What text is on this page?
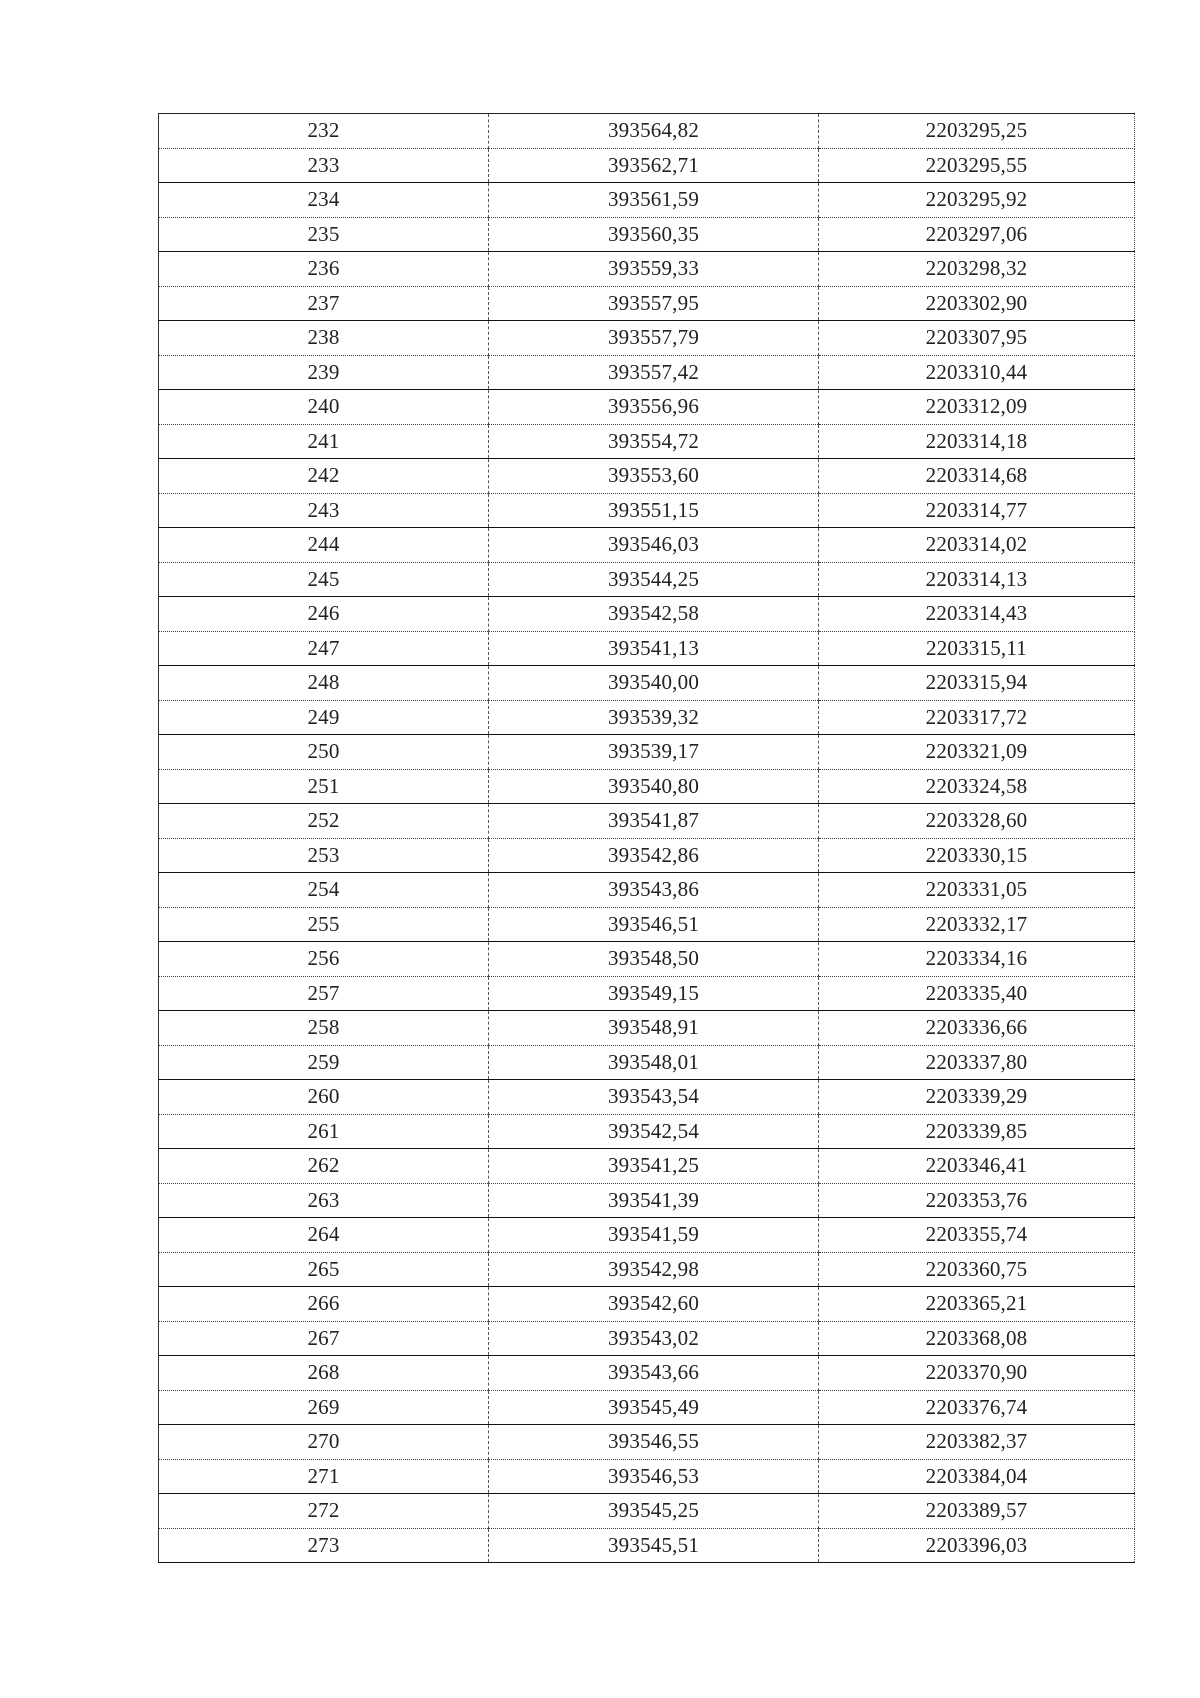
232	393564,82	2203295,25
233	393562,71	2203295,55
234	393561,59	2203295,92
235	393560,35	2203297,06
236	393559,33	2203298,32
237	393557,95	2203302,90
238	393557,79	2203307,95
239	393557,42	2203310,44
240	393556,96	2203312,09
241	393554,72	2203314,18
242	393553,60	2203314,68
243	393551,15	2203314,77
244	393546,03	2203314,02
245	393544,25	2203314,13
246	393542,58	2203314,43
247	393541,13	2203315,11
248	393540,00	2203315,94
249	393539,32	2203317,72
250	393539,17	2203321,09
251	393540,80	2203324,58
252	393541,87	2203328,60
253	393542,86	2203330,15
254	393543,86	2203331,05
255	393546,51	2203332,17
256	393548,50	2203334,16
257	393549,15	2203335,40
258	393548,91	2203336,66
259	393548,01	2203337,80
260	393543,54	2203339,29
261	393542,54	2203339,85
262	393541,25	2203346,41
263	393541,39	2203353,76
264	393541,59	2203355,74
265	393542,98	2203360,75
266	393542,60	2203365,21
267	393543,02	2203368,08
268	393543,66	2203370,90
269	393545,49	2203376,74
270	393546,55	2203382,37
271	393546,53	2203384,04
272	393545,25	2203389,57
273	393545,51	2203396,03
